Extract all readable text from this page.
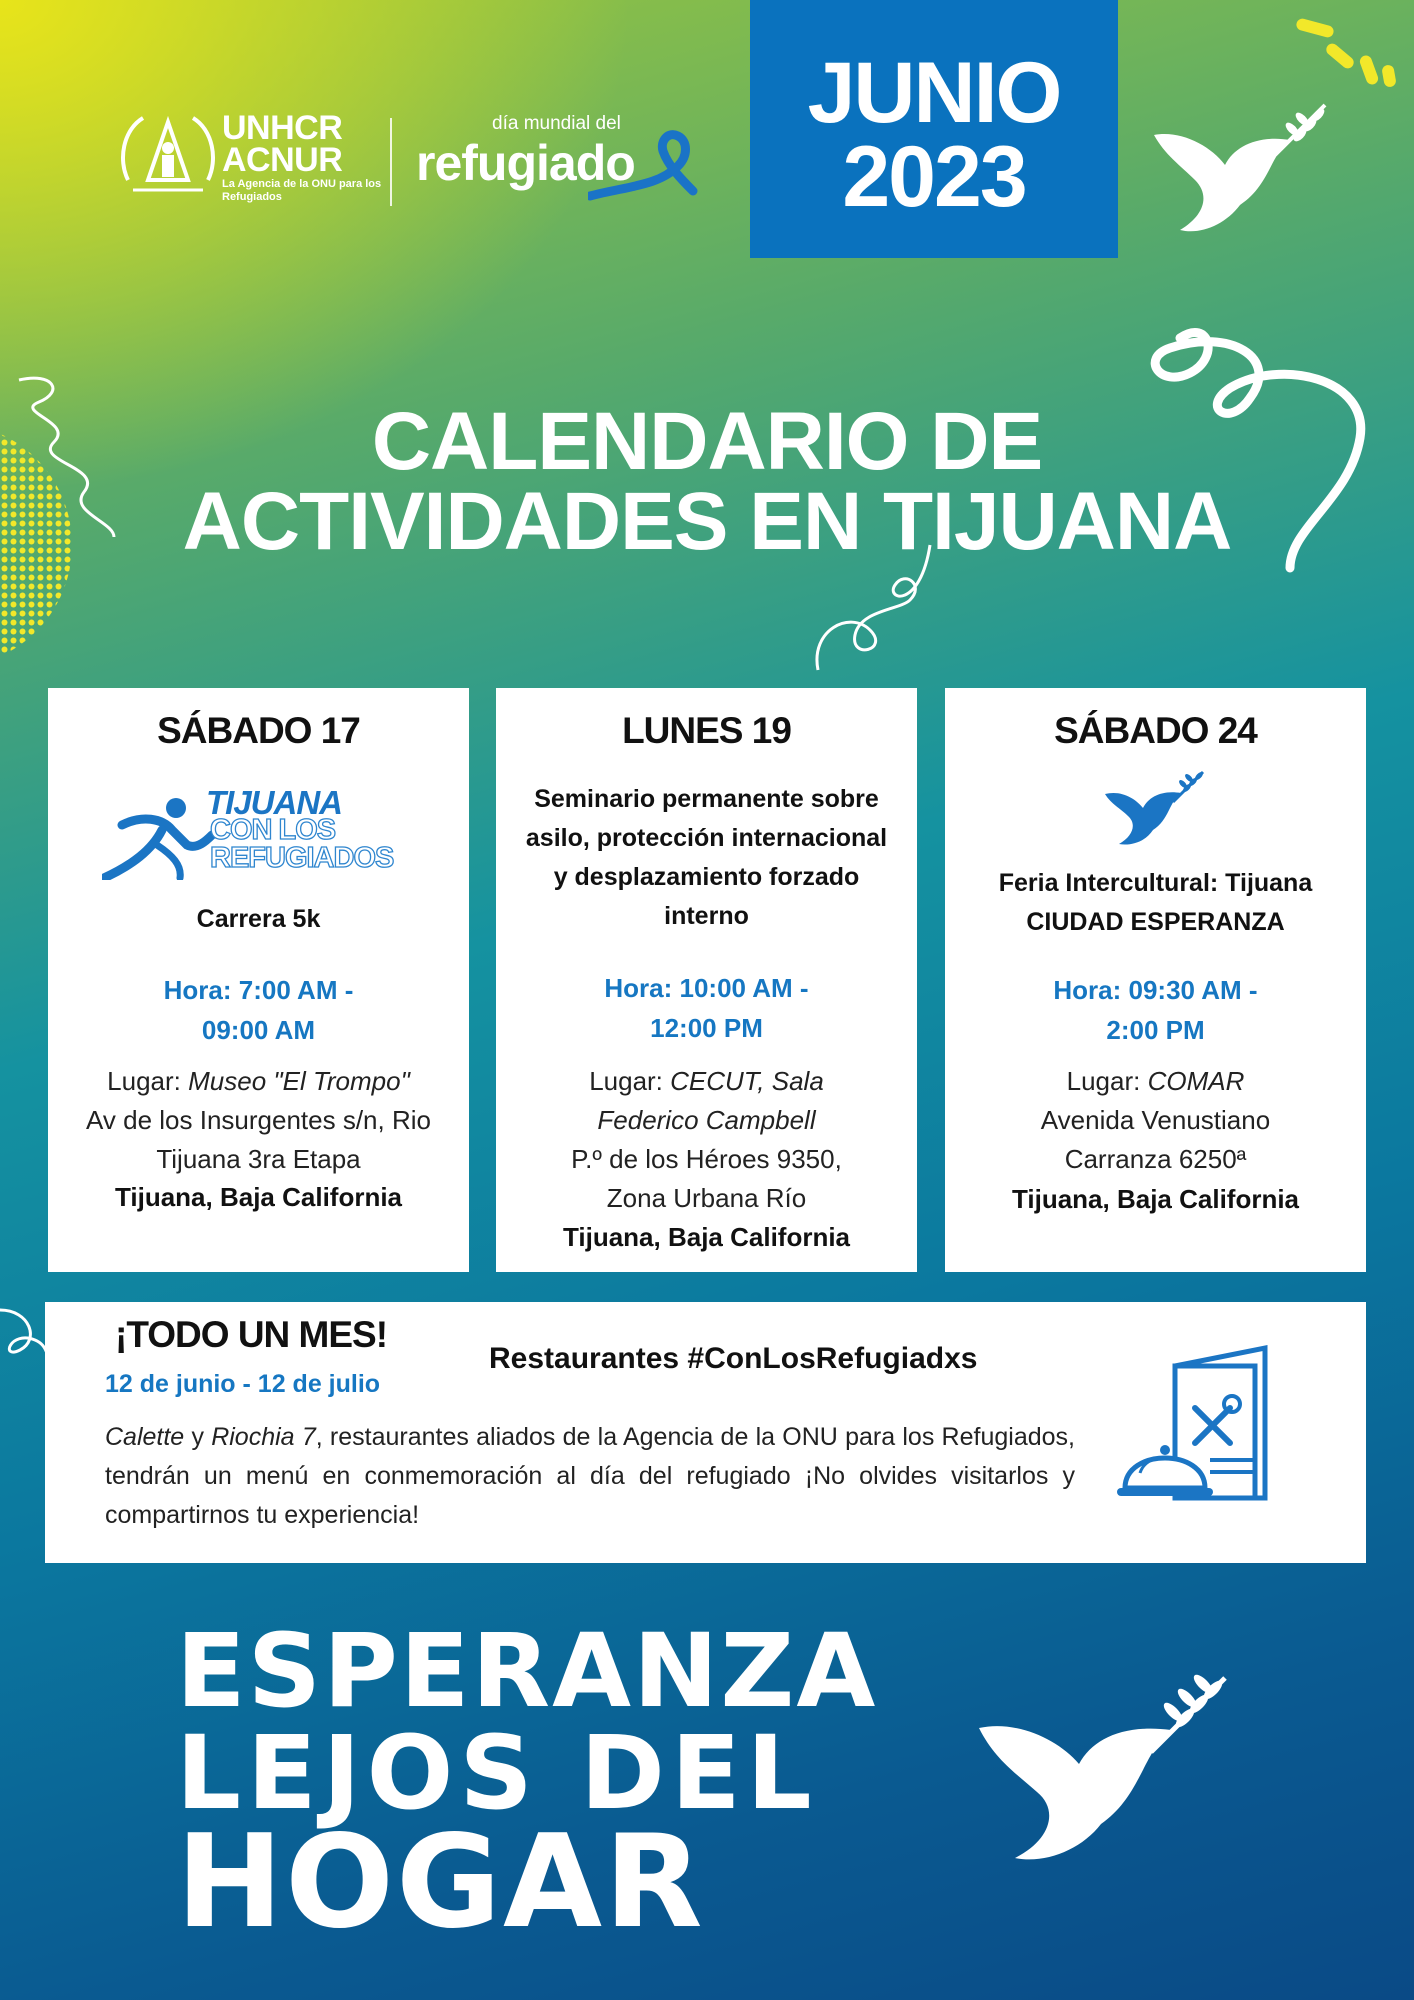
UNHCR
ACNUR
La Agencia de la ONU para los Refugiados
día mundial del
refugiado
JUNIO
2023
CALENDARIO DE
ACTIVIDADES EN TIJUANA
SÁBADO 17
TIJUANA
CON LOS
REFUGIADOS
Carrera 5k
Hora: 7:00 AM -
09:00 AM
Lugar: Museo "El Trompo"
Av de los Insurgentes s/n, Rio
Tijuana 3ra Etapa
Tijuana, Baja California
LUNES 19
Seminario permanente sobre
asilo, protección internacional
y desplazamiento forzado
interno
Hora: 10:00 AM -
12:00 PM
Lugar: CECUT, Sala
Federico Campbell
P.º de los Héroes 9350,
Zona Urbana Río
Tijuana, Baja California
SÁBADO 24
Feria Intercultural: Tijuana
CIUDAD ESPERANZA
Hora: 09:30 AM -
2:00 PM
Lugar: COMAR
Avenida Venustiano
Carranza 6250ª
Tijuana, Baja California
¡TODO UN MES!
12 de junio - 12 de julio
Restaurantes #ConLosRefugiadxs
Calette y Riochia 7, restaurantes aliados de la Agencia de la ONU para los Refugiados, tendrán un menú en conmemoración al día del refugiado ¡No olvides visitarlos y compartirnos tu experiencia!
ESPERANZA
LEJOS DEL
HOGAR
